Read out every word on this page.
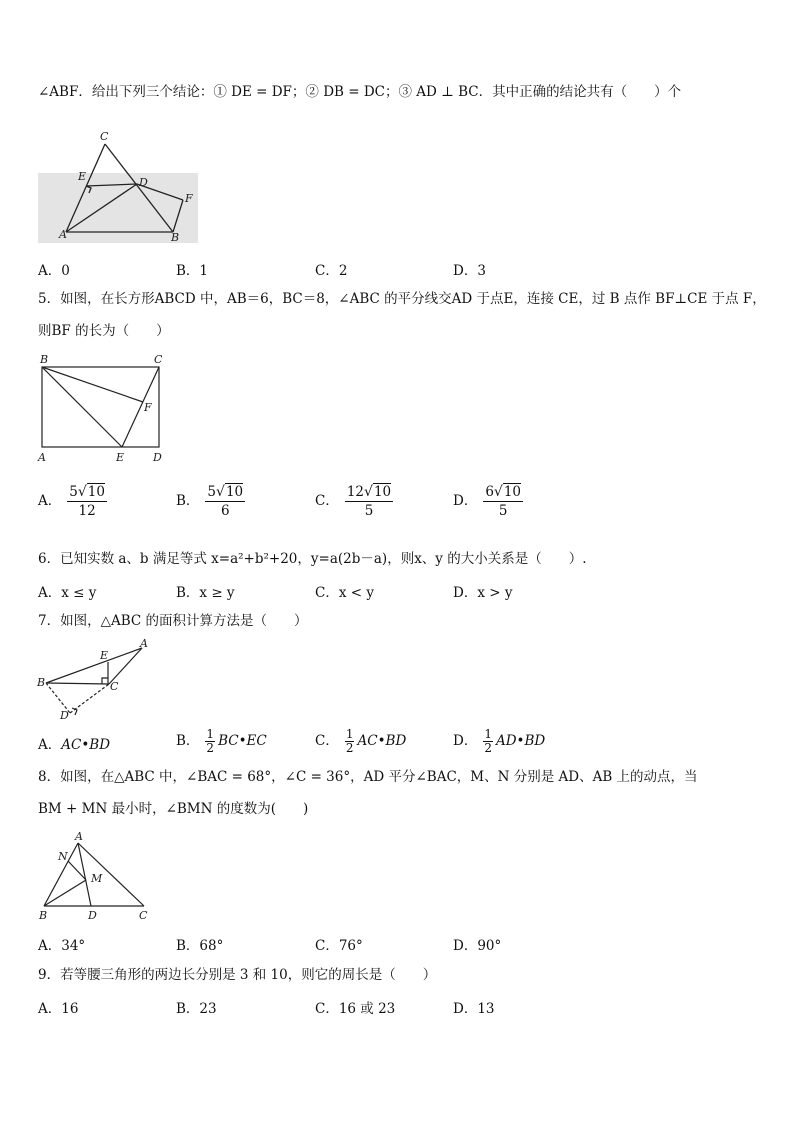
∠ABF．给出下列三个结论：① DE = DF；② DB = DC；③ AD ⊥ BC．其中正确的结论共有（　　）个
C
E	D
F
A	B
A．0	B．1	C．2	D．3
5．如图，在长方形ABCD 中，AB＝6，BC＝8，∠ABC 的平分线交AD 于点E，连接 CE，过 B 点作 BF⊥CE 于点 F，
则BF 的长为（　　）
B	C
F
A	E	D
A． $\frac{5√10}{12}$	B． $\frac{5√10}{6}$	C． $\frac{12√10}{5}$	D． $\frac{6√10}{5}$
6．已知实数 a、b 满足等式 x=a²+b²+20，y=a(2b－a)，则x、y 的大小关系是（　　）.
A．x ≤ y	B．x ≥ y	C．x < y	D．x > y
7．如图，△ABC 的面积计算方法是（　　）
A
E
B	C
D
A．AC•BD	B． $\frac{1}{2}$ BC•EC	C． $\frac{1}{2}$ AC•BD	D． $\frac{1}{2}$ AD•BD
8．如图，在△ABC 中，∠BAC = 68°，∠C = 36°，AD 平分∠BAC，M、N 分别是 AD、AB 上的动点，当
BM + MN 最小时，∠BMN 的度数为(　　)
A
N
M
B	D	C
A．34°	B．68°	C．76°	D．90°
9．若等腰三角形的两边长分别是 3 和 10，则它的周长是（　　）
A．16	B．23	C．16 或 23	D．13
